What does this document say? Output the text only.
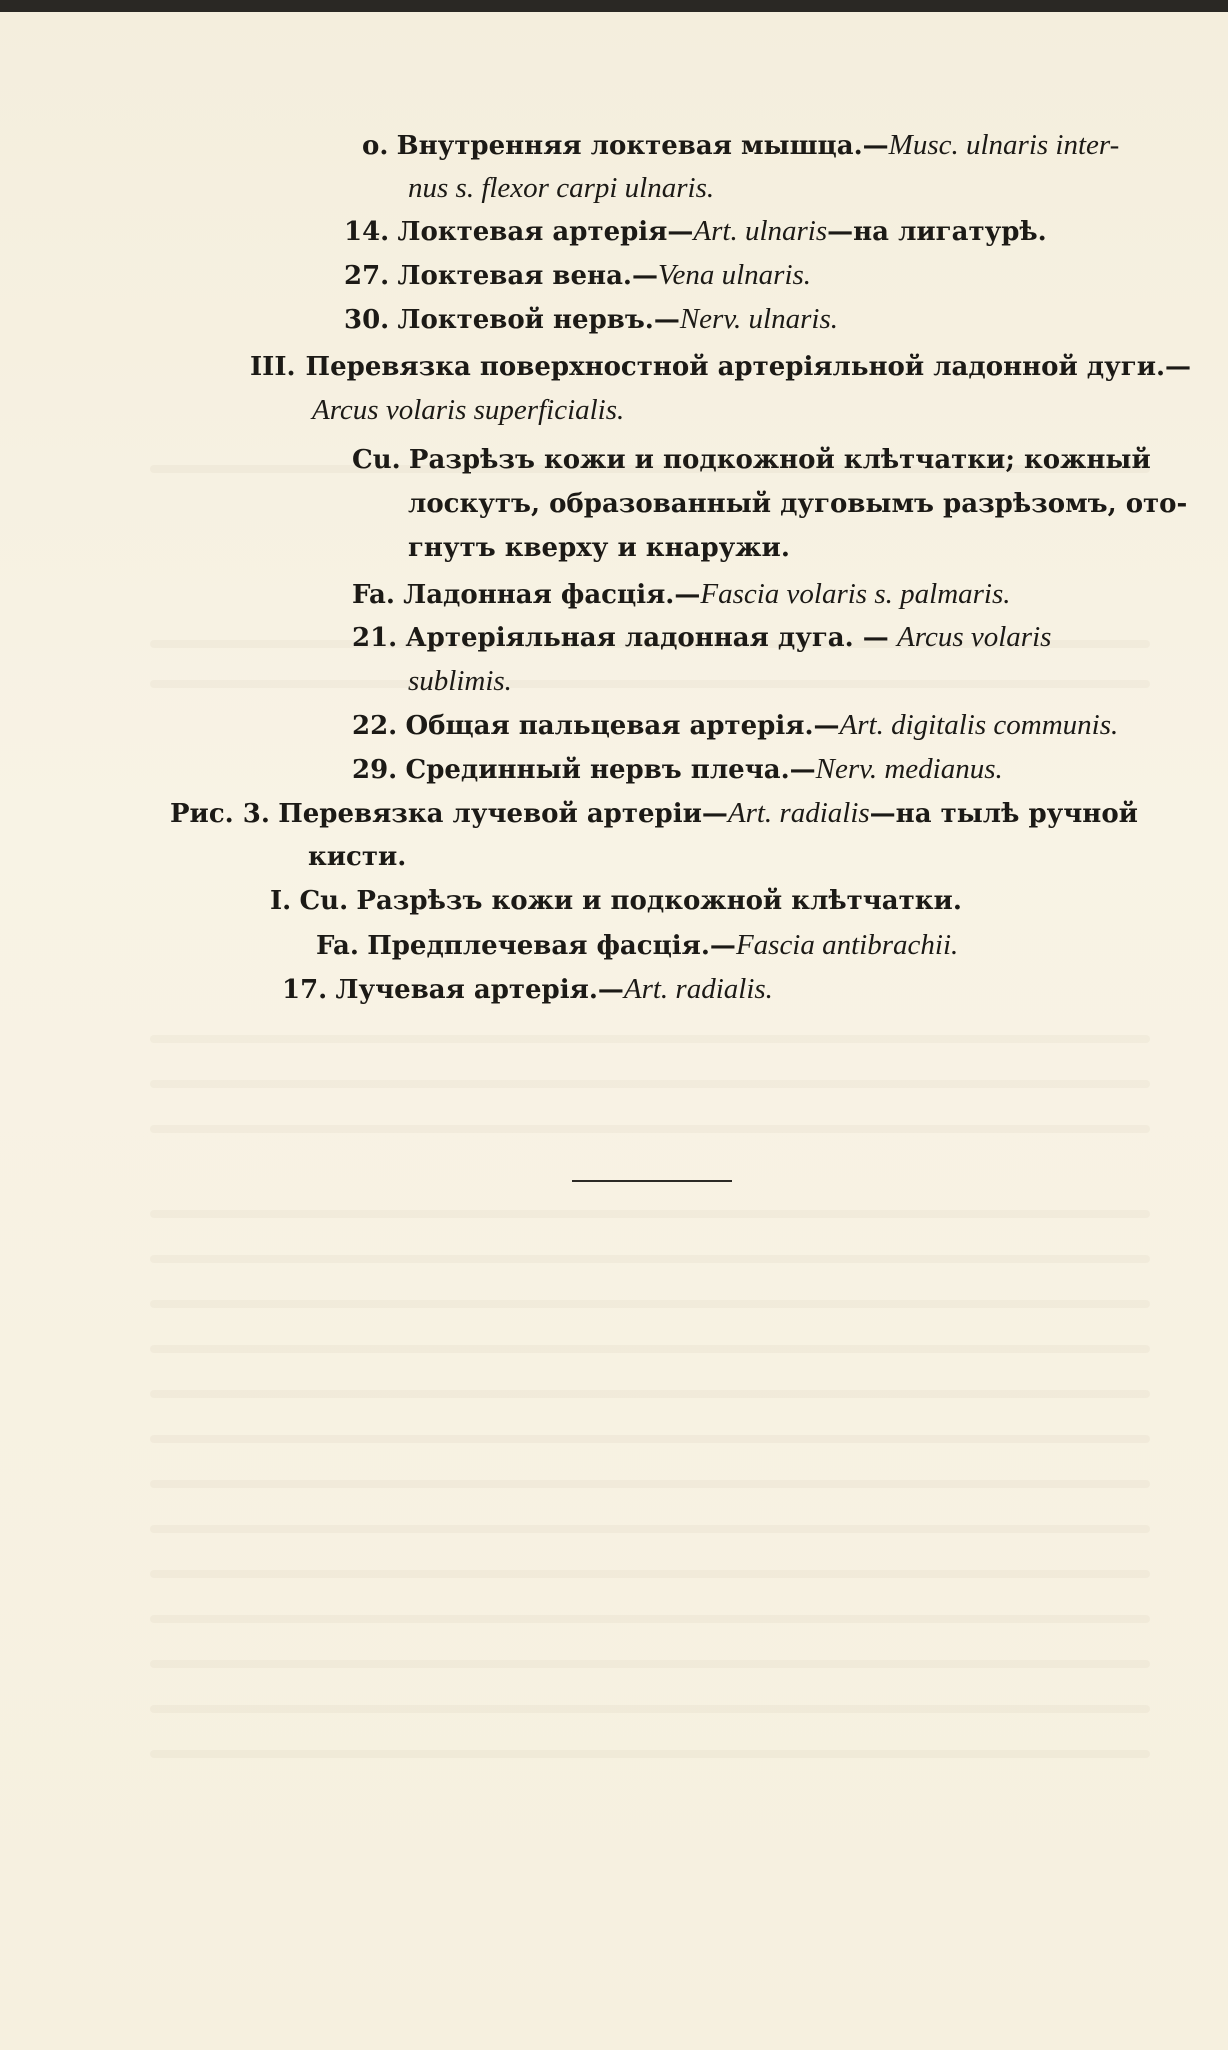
о. Внутренняя локтевая мышца.—Musc. ulnaris inter-
nus s. flexor carpi ulnaris.
14. Локтевая артерія—Art. ulnaris—на лигатурѣ.
27. Локтевая вена.—Vena ulnaris.
30. Локтевой нервъ.—Nerv. ulnaris.
III. Перевязка поверхностной артеріяльной ладонной дуги.—
Arcus volaris superficialis.
Cu. Разрѣзъ кожи и подкожной клѣтчатки; кожный
лоскутъ, образованный дуговымъ разрѣзомъ, ото-
гнутъ кверху и кнаружи.
Fa. Ладонная фасція.—Fascia volaris s. palmaris.
21. Артеріяльная ладонная дуга. — Arcus volaris
sublimis.
22. Общая пальцевая артерія.—Art. digitalis communis.
29. Срединный нервъ плеча.—Nerv. medianus.
Рис. 3. Перевязка лучевой артеріи—Art. radialis—на тылѣ ручной
кисти.
I. Cu. Разрѣзъ кожи и подкожной клѣтчатки.
Fa. Предплечевая фасція.—Fascia antibrachii.
17. Лучевая артерія.—Art. radialis.
